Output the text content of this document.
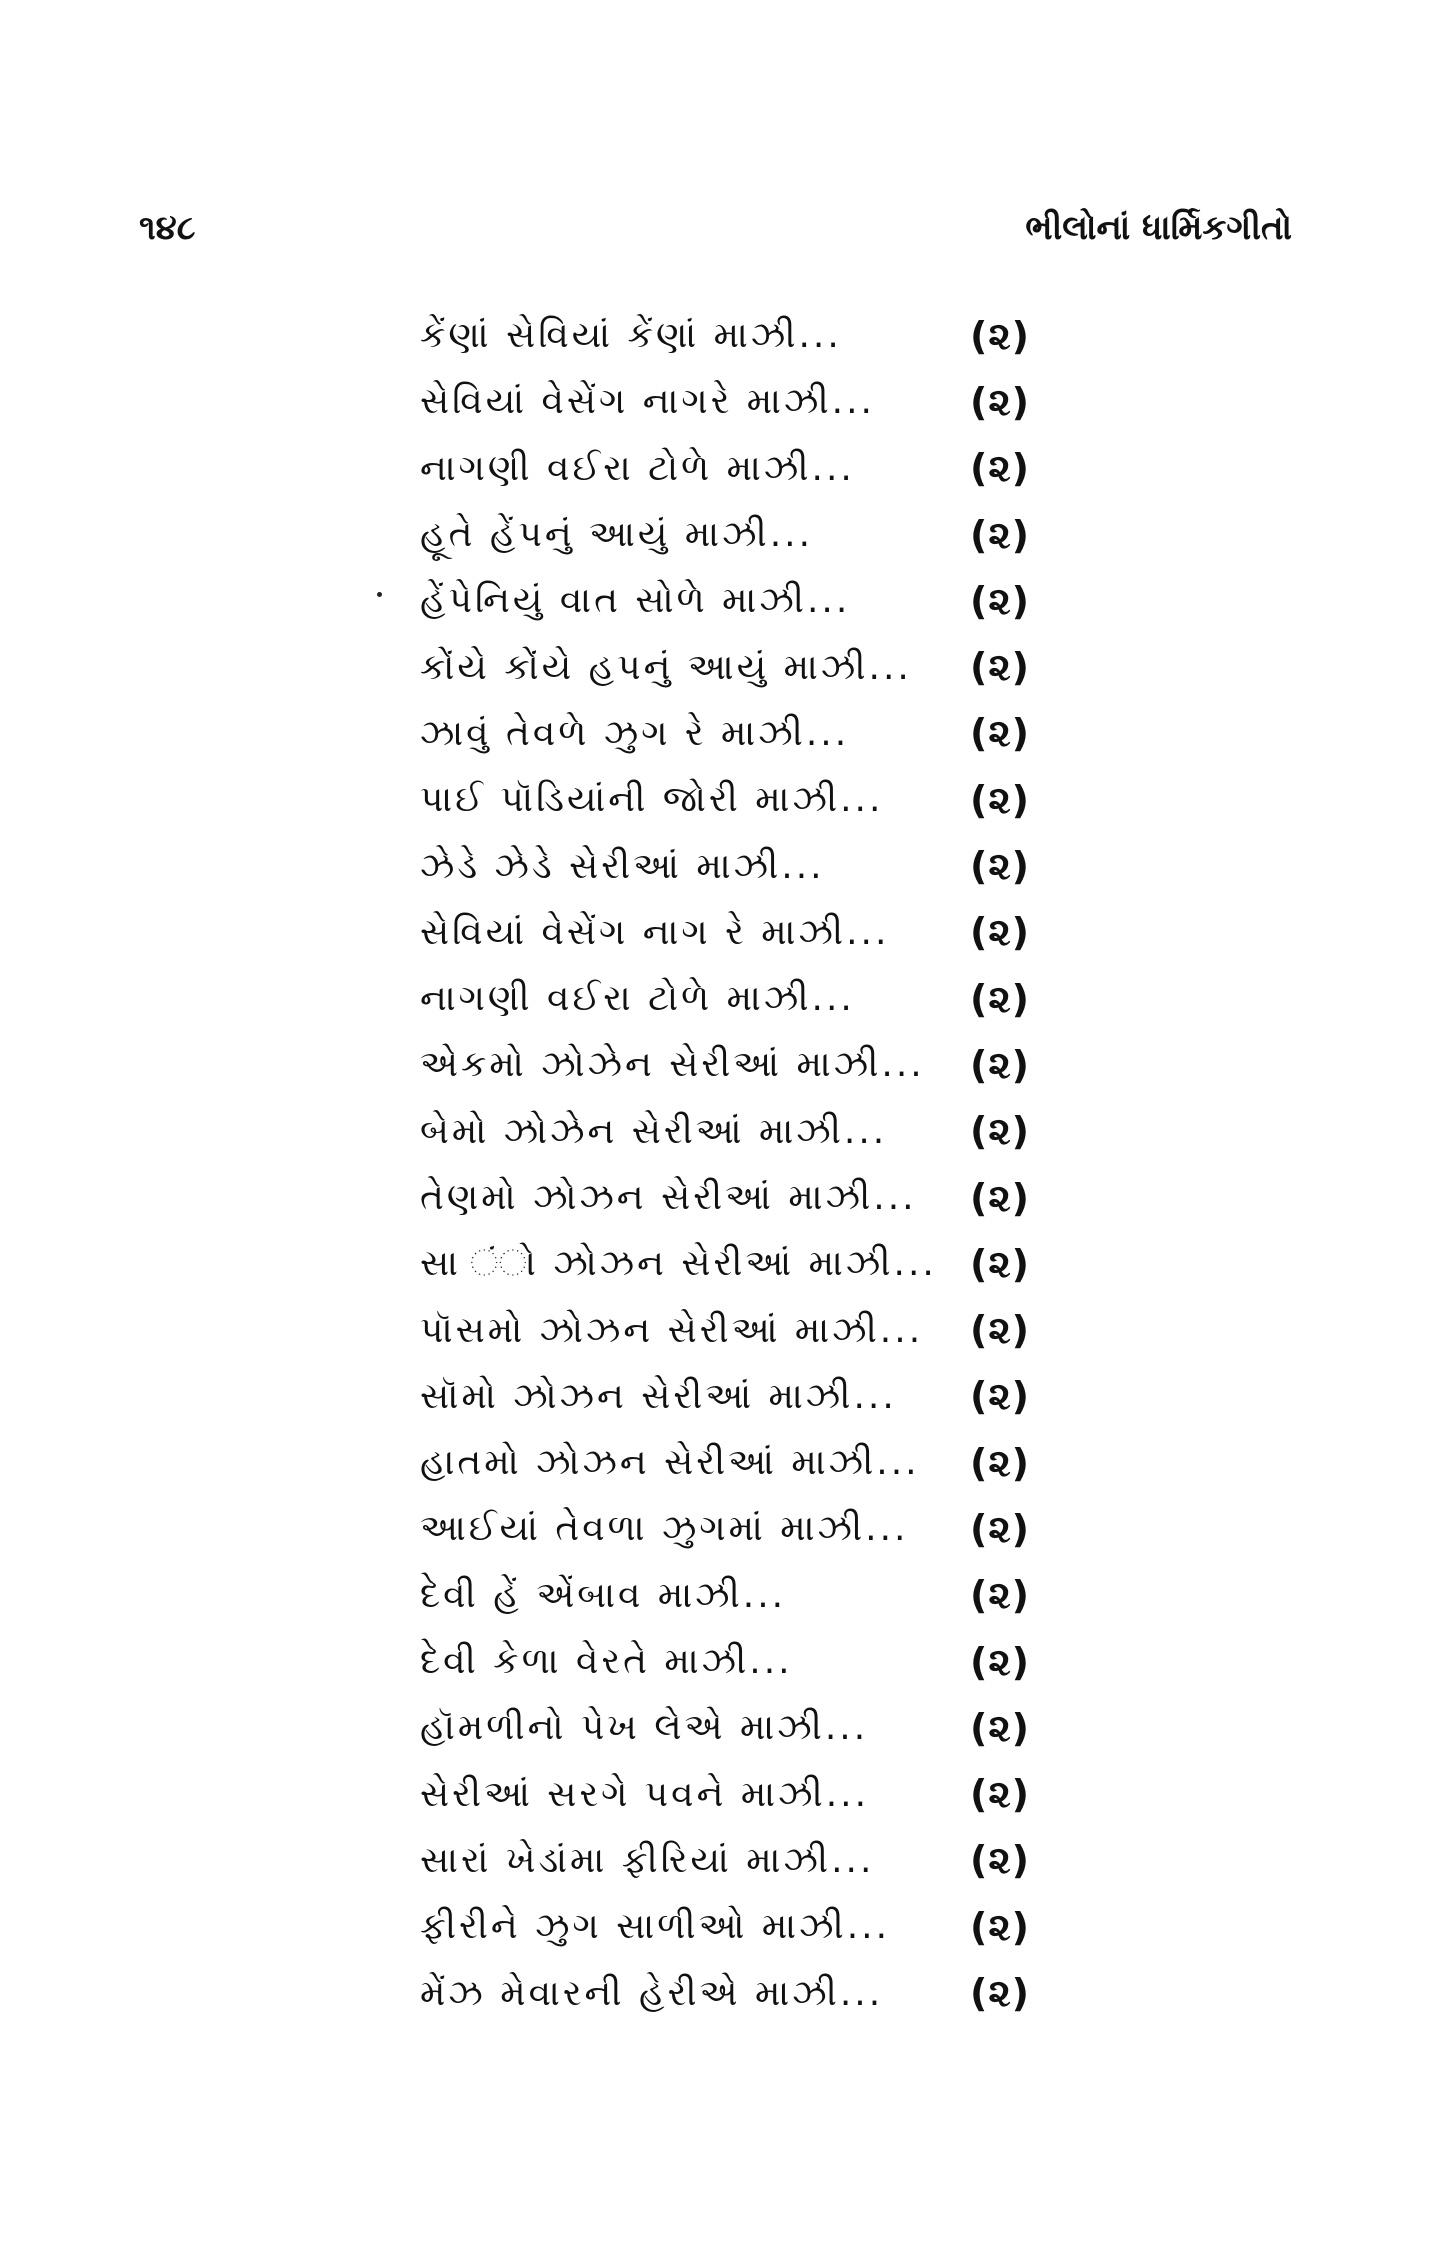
૧૪૮	ભીલોનાં ધાર્મિકગીતો
કેંણાં સેવિયાં કેંણાં માઝી...	(૨)
સેવિયાં વેસેંગ નાગરે માઝી... (૨)
નાગણી વઈરા ટોળે માઝી...	(૨)
હૂતે હેંપનું આયું માઝી...	(૨)
હેંપેનિયું વાત સોળે માઝી...	(૨)
કોંયે કોંયે હપનું આયું માઝી... (૨)
ઝાવું તેવળે ઝુગ રે માઝી...	(૨)
પાઈ પૉડિયાંની જોરી માઝી... (૨)
ઝેડે ઝેડે સેરીઆં માઝી...	(૨)
સેવિયાં વેસેંગ નાગ રે માઝી... (૨)
નાગણી વઈરા ટોળે માઝી...	(૨)
એકમો ઝોઝેન સેરીઆં માઝી... (૨)
બેમો ઝોઝેન સેરીઆં માઝી... (૨)
તેણમો ઝોઝન સેરીઆં માઝી... (૨)
સા ંો ઝોઝન સેરીઆં માઝી... (૨)
પૉસમો ઝોઝન સેરીઆં માઝી... (૨)
સૉમો ઝોઝન સેરીઆં માઝી... (૨)
હાતમો ઝોઝન સેરીઆં માઝી... (૨)
આઈયાં તેવળા ઝુગમાં માઝી... (૨)
દેવી હેં એંબાવ માઝી...	(૨)
દેવી કેળા વેરતે માઝી...	(૨)
હૉમળીનો પેખ લેએ માઝી...	(૨)
સેરીઆં સરગે પવને માઝી...	(૨)
સારાં ખેડાંમા ફીરિયાં માઝી...	(૨)
ફીરીને ઝુગ સાળીઓ માઝી... (૨)
મેંઝ મેવારની હેરીએ માઝી... (૨)
